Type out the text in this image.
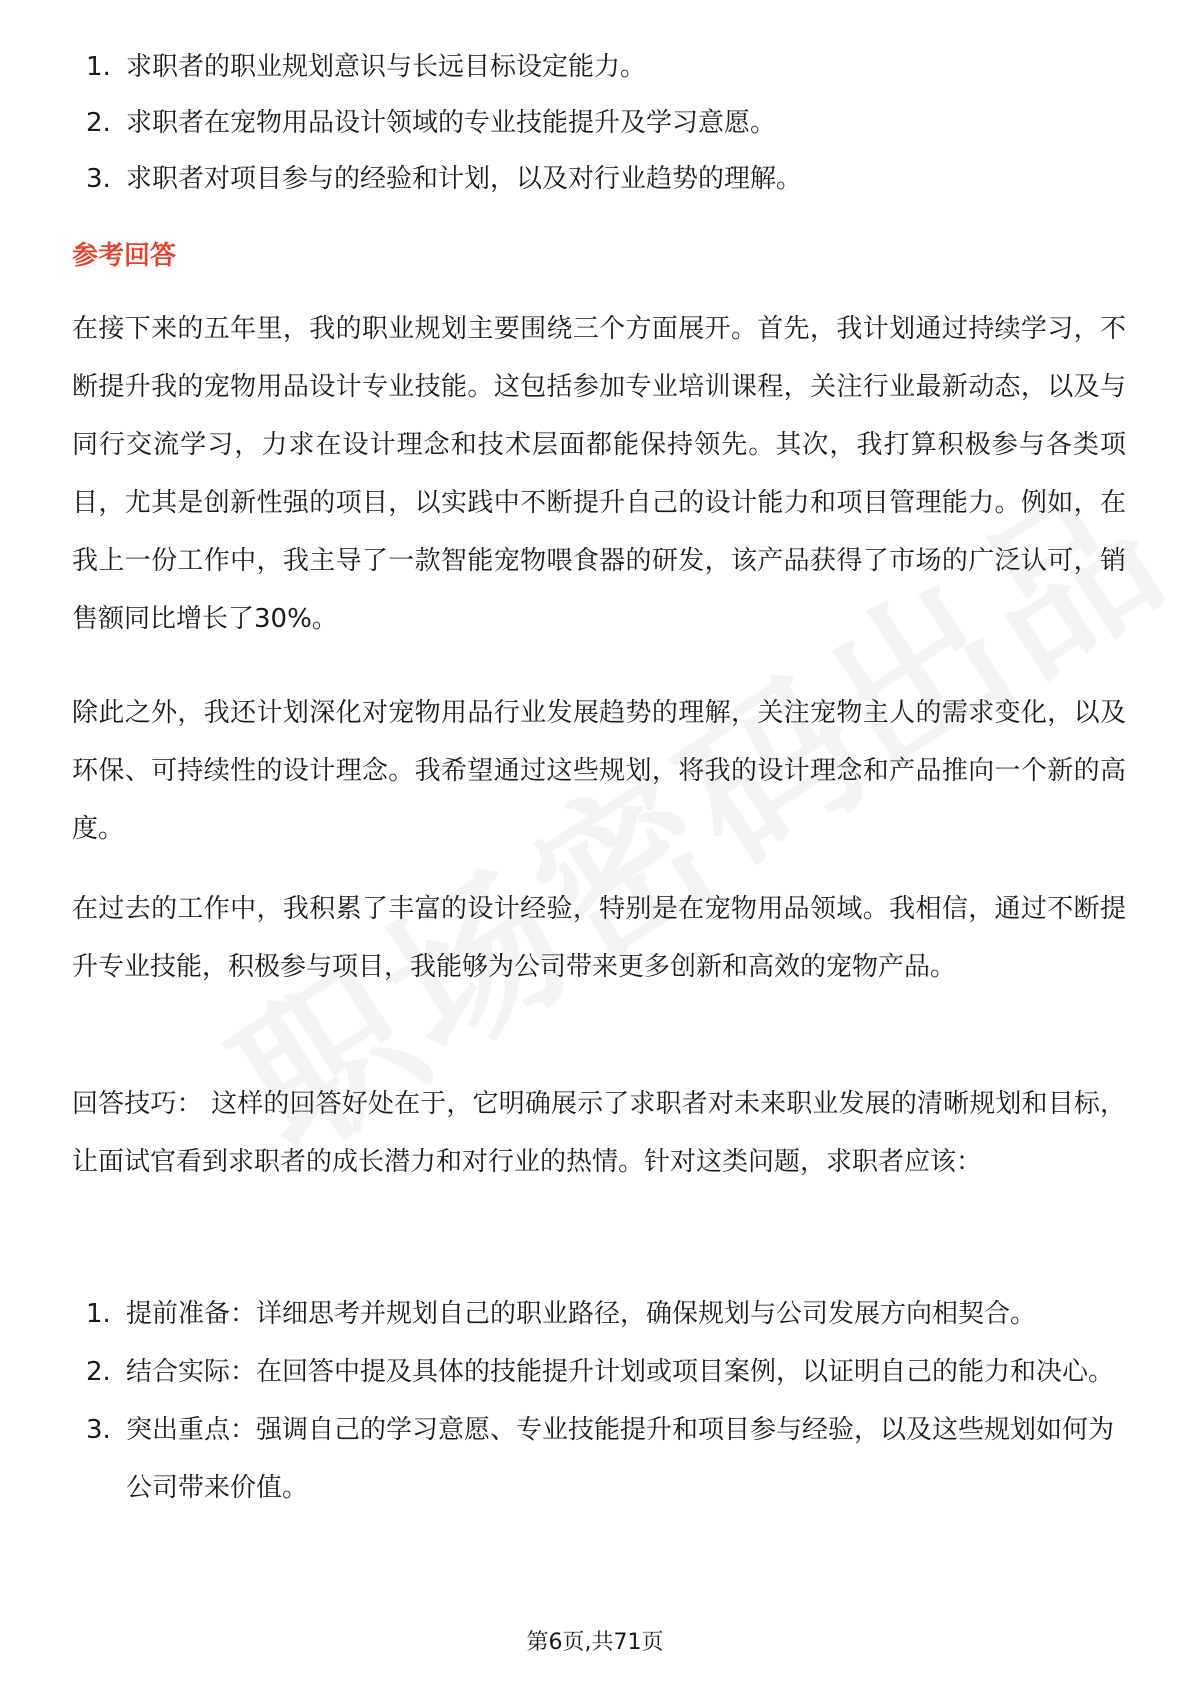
1. 求职者的职业规划意识与长远目标设定能力。
2. 求职者在宠物用品设计领域的专业技能提升及学习意愿。
3. 求职者对项目参与的经验和计划，以及对行业趋势的理解。
参考回答

在接下来的五年里，我的职业规划主要围绕三个方面展开。首先，我计划通过持续学习，不断提升我的宠物用品设计专业技能。这包括参加专业培训课程，关注行业最新动态，以及与同行交流学习，力求在设计理念和技术层面都能保持领先。其次，我打算积极参与各类项目，尤其是创新性强的项目，以实践中不断提升自己的设计能力和项目管理能力。例如，在我上一份工作中，我主导了一款智能宠物喂食器的研发，该产品获得了市场的广泛认可，销售额同比增长了30%。

除此之外，我还计划深化对宠物用品行业发展趋势的理解，关注宠物主人的需求变化，以及环保、可持续性的设计理念。我希望通过这些规划，将我的设计理念和产品推向一个新的高度。

在过去的工作中，我积累了丰富的设计经验，特别是在宠物用品领域。我相信，通过不断提升专业技能，积极参与项目，我能够为公司带来更多创新和高效的宠物产品。

回答技巧： 这样的回答好处在于，它明确展示了求职者对未来职业发展的清晰规划和目标，让面试官看到求职者的成长潜力和对行业的热情。针对这类问题，求职者应该：

1. 提前准备：详细思考并规划自己的职业路径，确保规划与公司发展方向相契合。
2. 结合实际：在回答中提及具体的技能提升计划或项目案例，以证明自己的能力和决心。
3. 突出重点：强调自己的学习意愿、专业技能提升和项目参与经验，以及这些规划如何为公司带来价值。
第6页,共71页
